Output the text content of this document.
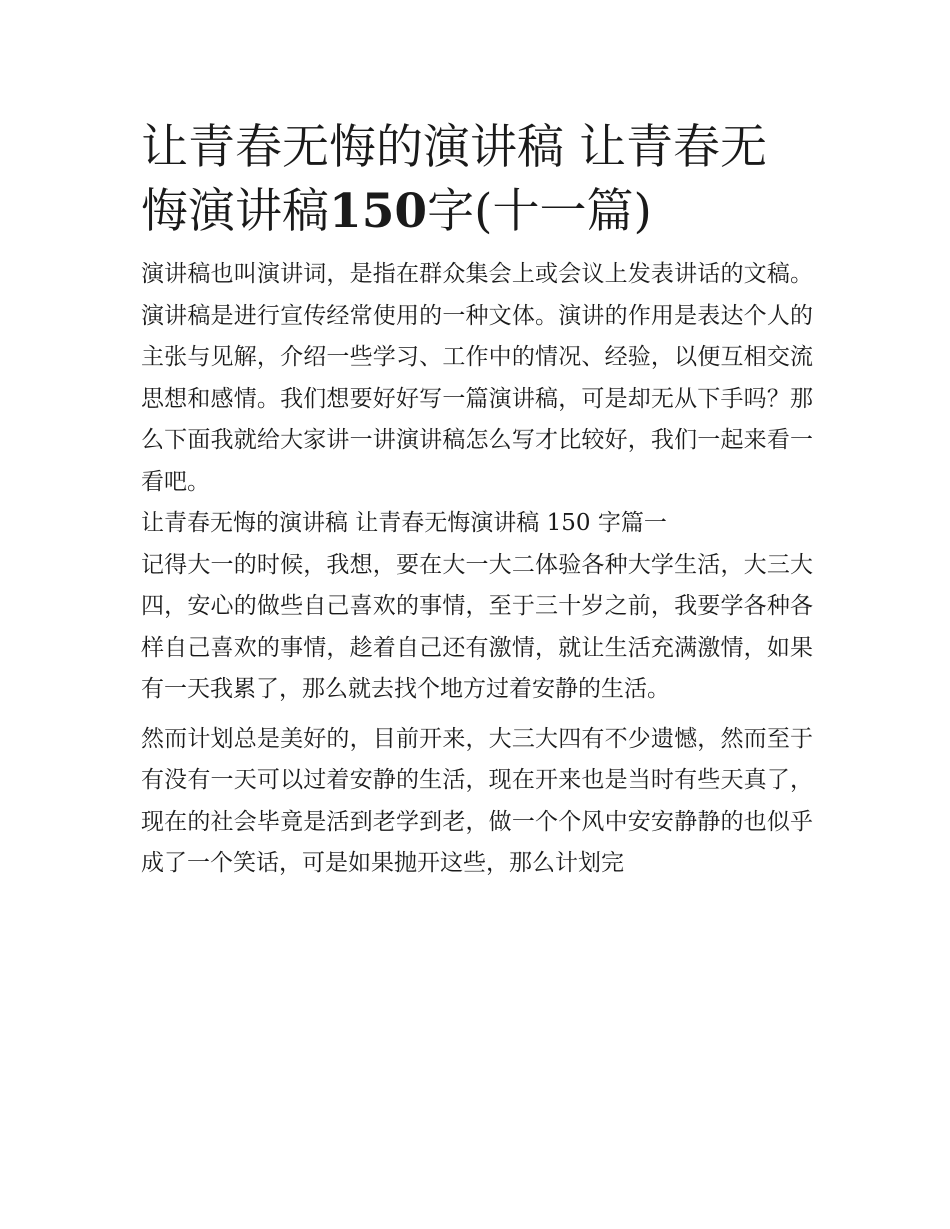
让青春无悔的演讲稿 让青春无悔演讲稿150字(十一篇)

演讲稿也叫演讲词，是指在群众集会上或会议上发表讲话的文稿。演讲稿是进行宣传经常使用的一种文体。演讲的作用是表达个人的主张与见解，介绍一些学习、工作中的情况、经验，以便互相交流思想和感情。我们想要好好写一篇演讲稿，可是却无从下手吗？那么下面我就给大家讲一讲演讲稿怎么写才比较好，我们一起来看一看吧。

让青春无悔的演讲稿 让青春无悔演讲稿 150 字篇一

记得大一的时候，我想，要在大一大二体验各种大学生活，大三大四，安心的做些自己喜欢的事情，至于三十岁之前，我要学各种各样自己喜欢的事情，趁着自己还有激情，就让生活充满激情，如果有一天我累了，那么就去找个地方过着安静的生活。

然而计划总是美好的，目前开来，大三大四有不少遗憾，然而至于有没有一天可以过着安静的生活，现在开来也是当时有些天真了，现在的社会毕竟是活到老学到老，做一个个风中安安静静的也似乎成了一个笑话，可是如果抛开这些，那么计划完
